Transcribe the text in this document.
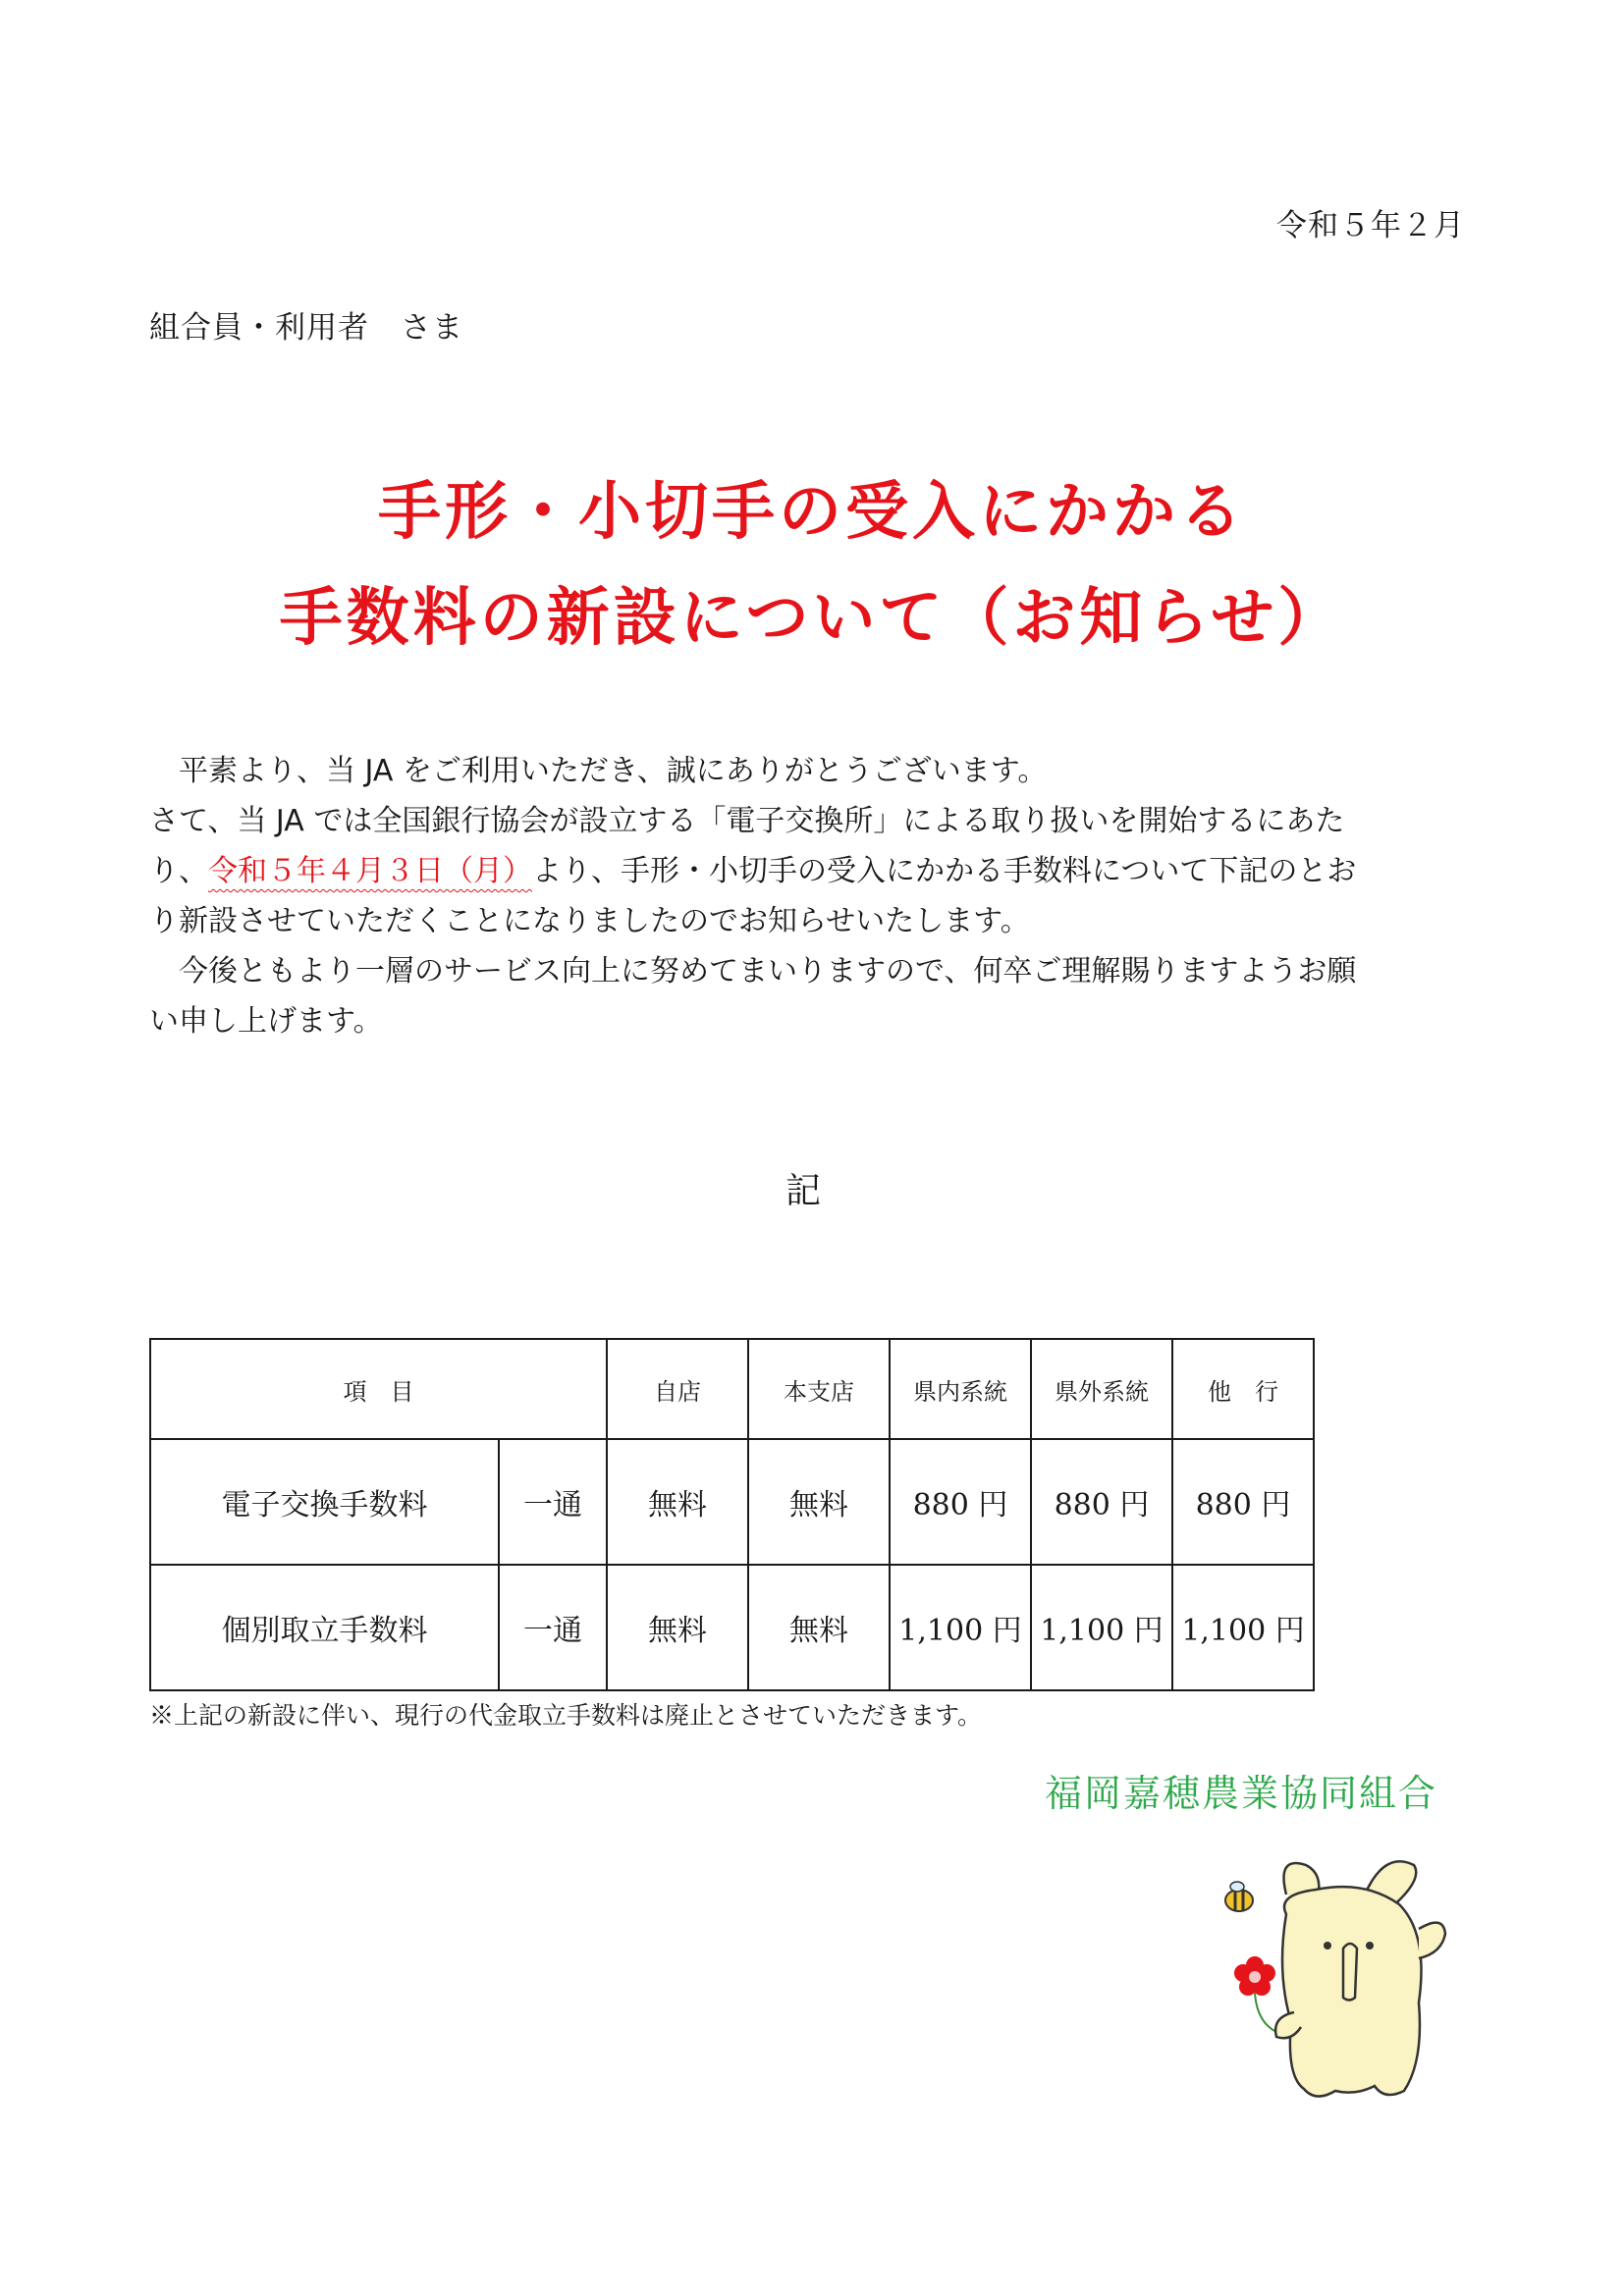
令和５年２月
組合員・利用者　さま
手形・小切手の受入にかかる
手数料の新設について（お知らせ）

　平素より、当 JA をご利用いただき、誠にありがとうございます。

さて、当 JA では全国銀行協会が設立する「電子交換所」による取り扱いを開始するにあた

り、令和５年４月３日（月）より、手形・小切手の受入にかかる手数料について下記のとお

り新設させていただくことになりましたのでお知らせいたします。

　今後ともより一層のサービス向上に努めてまいりますので、何卒ご理解賜りますようお願

い申し上げます。

記
項　目		自店	本支店	県内系統	県外系統	他　行
電子交換手数料	一通	無料	無料	880 円	880 円	880 円
個別取立手数料	一通	無料	無料	1,100 円	1,100 円	1,100 円
※上記の新設に伴い、現行の代金取立手数料は廃止とさせていただきます。
福岡嘉穂農業協同組合
